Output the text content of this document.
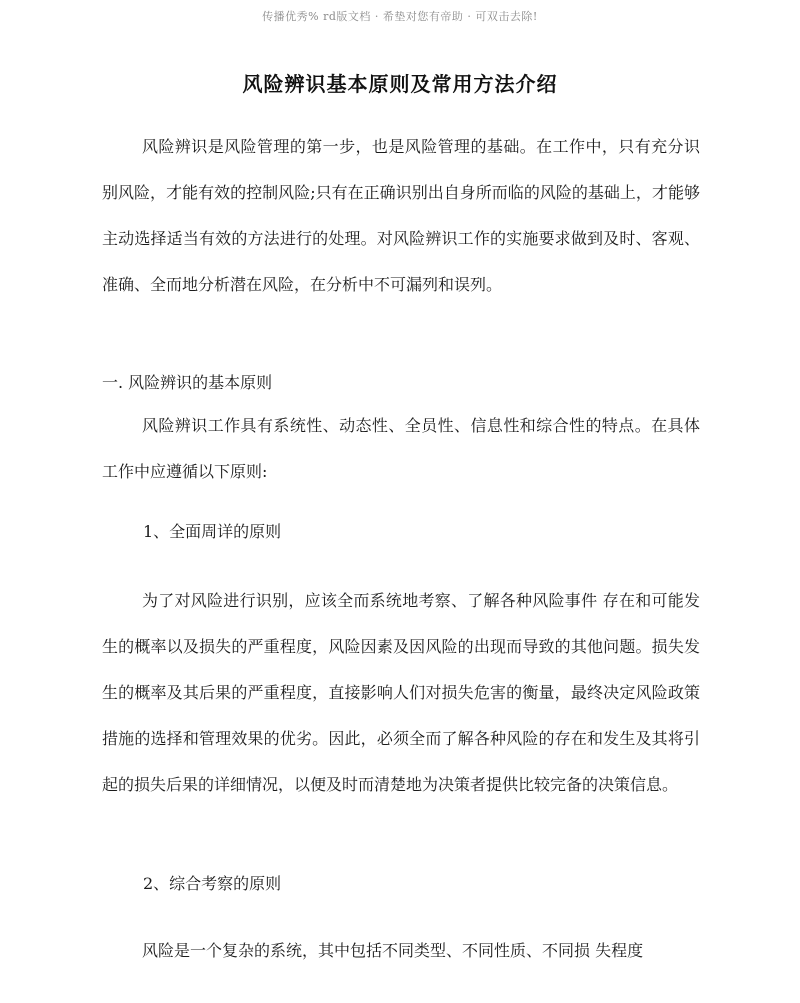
传播优秀% rd版文档 · 希垫对您有帝助 · 可双击去除!
风险辨识基本原则及常用方法介绍

风险辨识是风险管理的第一步，也是风险管理的基础。在工作中，只有充分识别风险，才能有效的控制风险;只有在正确识别出自身所而临的风险的基础上，才能够主动选择适当有效的方法进行的处理。对风险辨识工作的实施要求做到及时、客观、准确、全而地分析潜在风险，在分析中不可漏列和误列。

一. 风险辨识的基本原则

风险辨识工作具有系统性、动态性、全员性、信息性和综合性的特点。在具体工作中应遵循以下原则:

1、全面周详的原则

为了对风险进行识别，应该全而系统地考察、了解各种风险事件 存在和可能发生的概率以及损失的严重程度，风险因素及因风险的出现而导致的其他问题。损失发生的概率及其后果的严重程度，直接影响人们对损失危害的衡量，最终决定风险政策措施的选择和管理效果的优劣。因此，必须全而了解各种风险的存在和发生及其将引起的损失后果的详细情况，以便及时而清楚地为决策者提供比较完备的决策信息。

2、综合考察的原则

风险是一个复杂的系统，其中包括不同类型、不同性质、不同损 失程度
